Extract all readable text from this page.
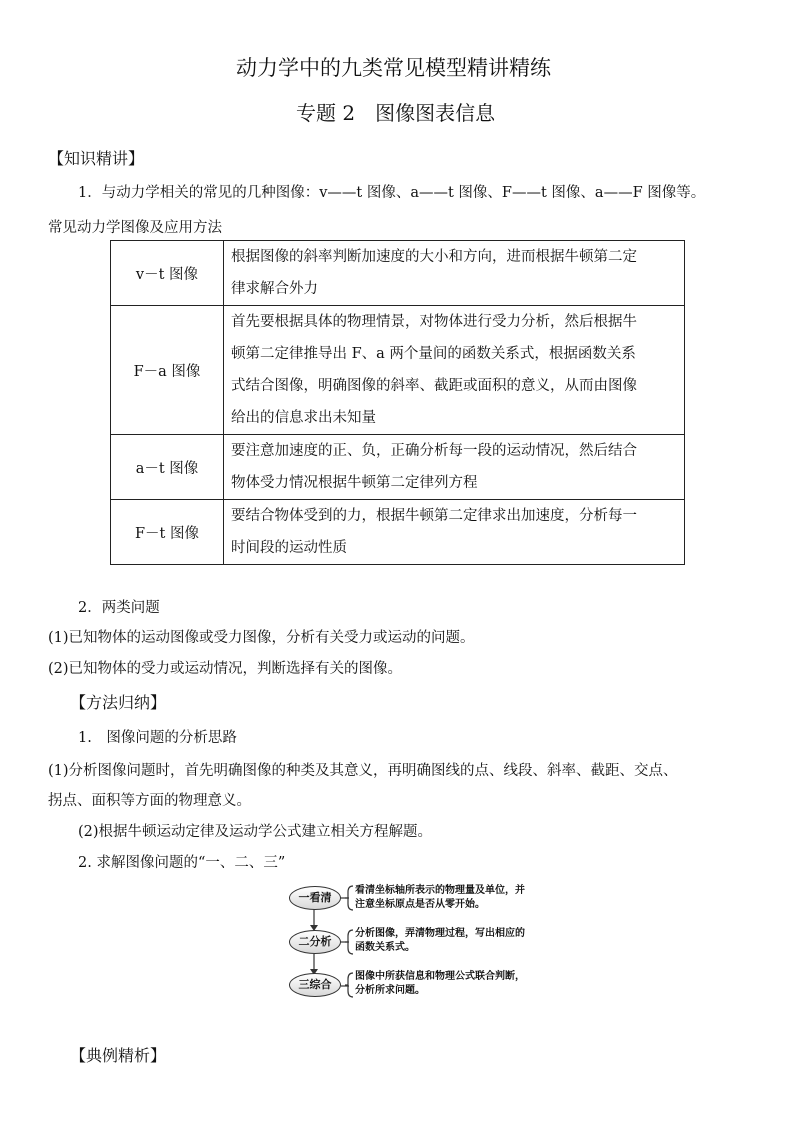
动力学中的九类常见模型精讲精练
专题 2　图像图表信息
【知识精讲】
1．与动力学相关的常见的几种图像：v——t 图像、a——t 图像、F——t 图像、a——F 图像等。
常见动力学图像及应用方法
v－t 图像	根据图像的斜率判断加速度的大小和方向，进而根据牛顿第二定
律求解合外力

F－a 图像	首先要根据具体的物理情景，对物体进行受力分析，然后根据牛
顿第二定律推导出 F、a 两个量间的函数关系式，根据函数关系
式结合图像，明确图像的斜率、截距或面积的意义，从而由图像
给出的信息求出未知量

a－t 图像	要注意加速度的正、负，正确分析每一段的运动情况，然后结合
物体受力情况根据牛顿第二定律列方程

F－t 图像	要结合物体受到的力，根据牛顿第二定律求出加速度，分析每一
时间段的运动性质
2．两类问题
(1)已知物体的运动图像或受力图像，分析有关受力或运动的问题。
(2)已知物体的受力或运动情况，判断选择有关的图像。
【方法归纳】
1.　图像问题的分析思路
(1)分析图像问题时，首先明确图像的种类及其意义，再明确图线的点、线段、斜率、截距、交点、
拐点、面积等方面的物理意义。
(2)根据牛顿运动定律及运动学公式建立相关方程解题。
2. 求解图像问题的“一、二、三”
一看清
看清坐标轴所表示的物理量及单位，并
注意坐标原点是否从零开始。
二分析
分析图像，弄清物理过程，写出相应的
函数关系式。
三综合
图像中所获信息和物理公式联合判断，
分析所求问题。
【典例精析】
